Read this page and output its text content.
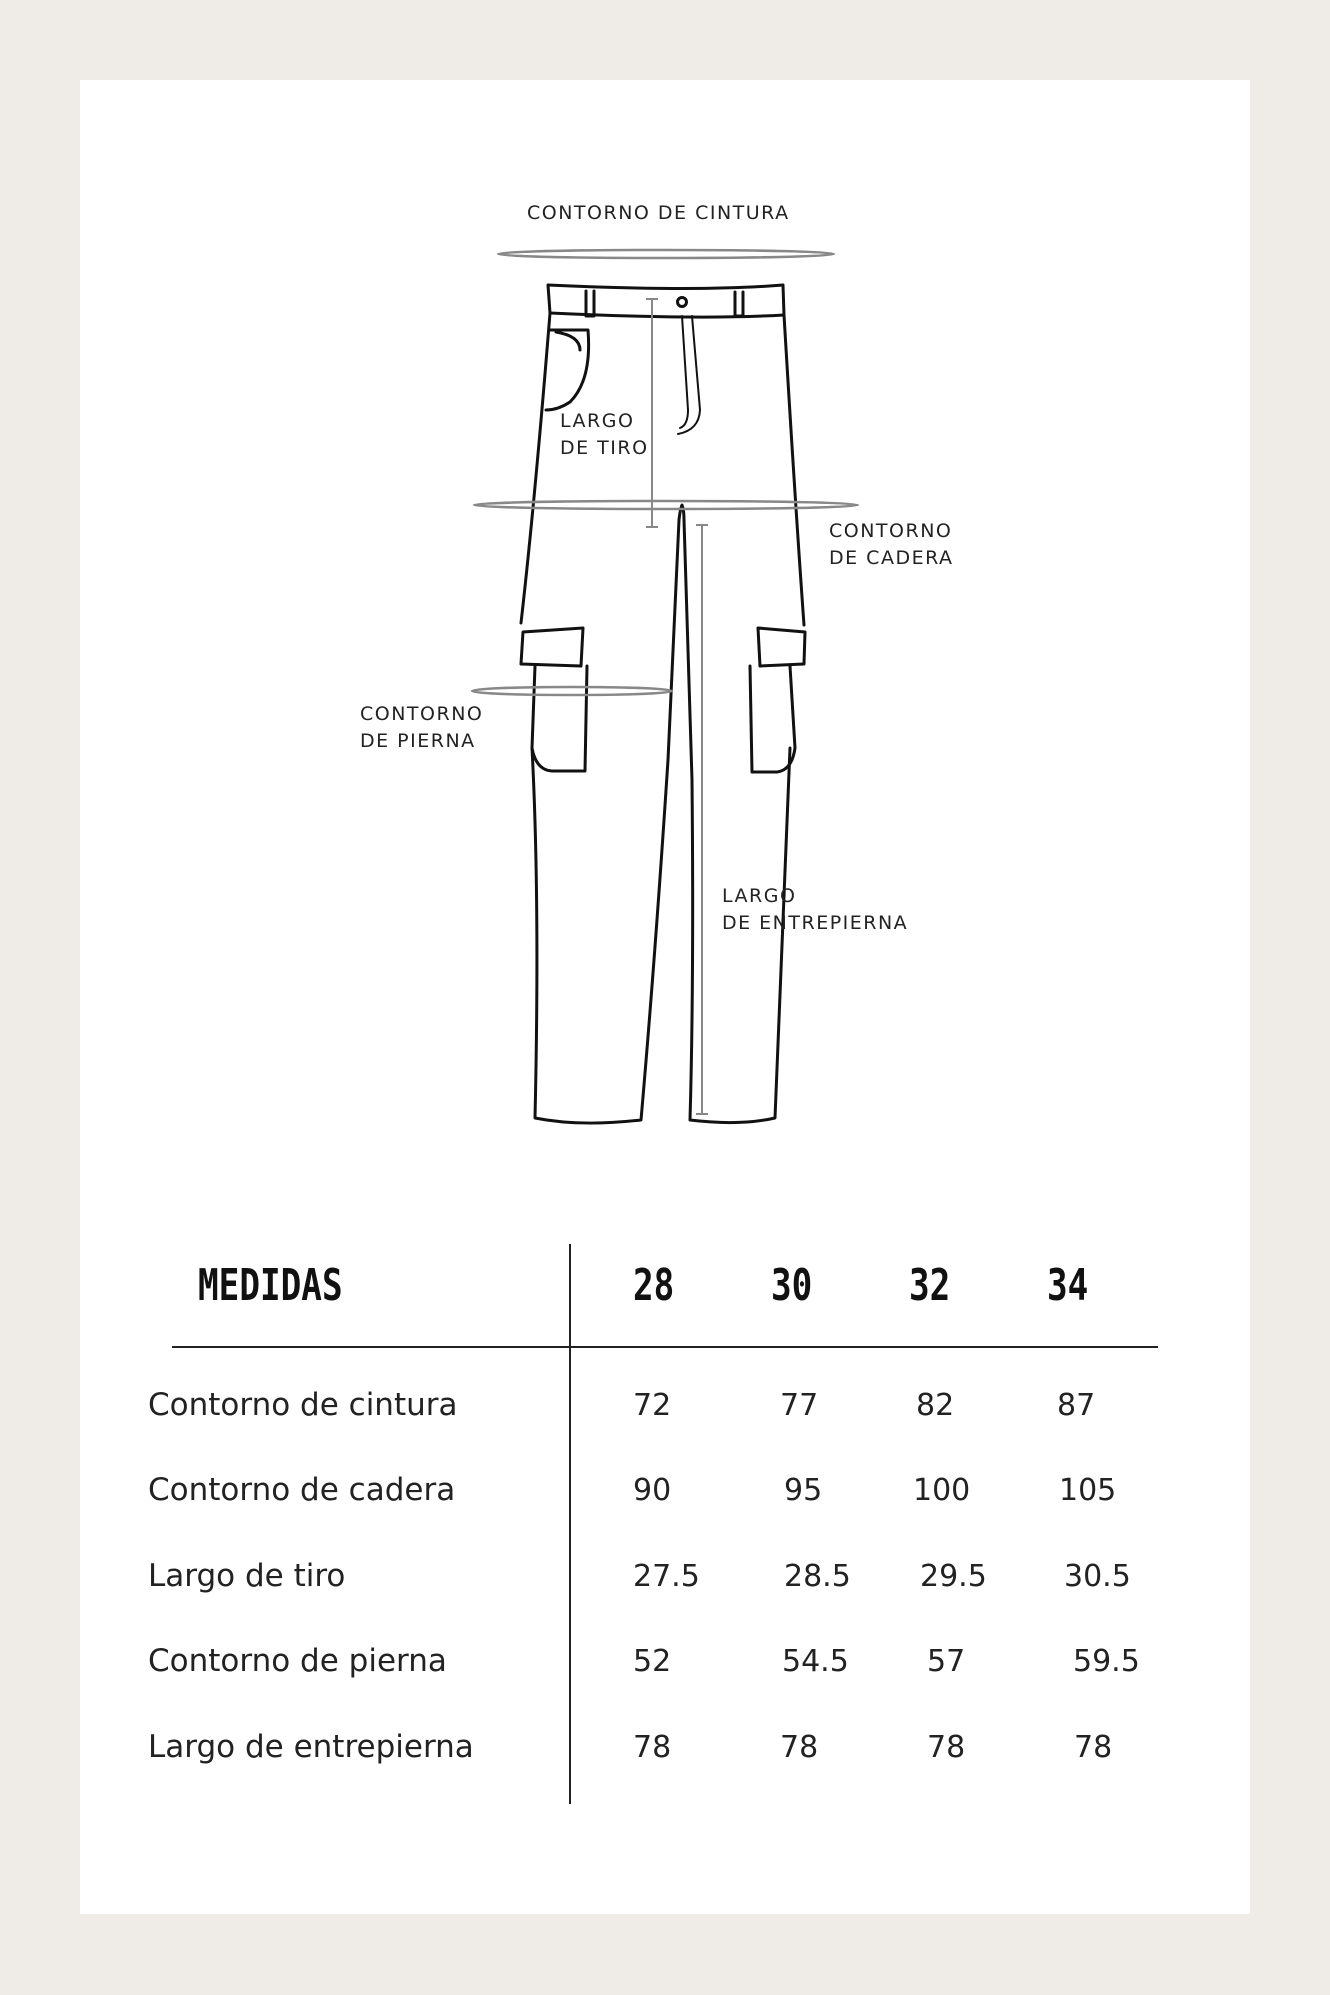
CONTORNO DE CINTURA
LARGO
DE TIRO
CONTORNO
DE CADERA
CONTORNO
DE PIERNA
LARGO
DE ENTREPIERNA
MEDIDAS	28 30 32 34
Contorno de cintura	72	77	82	87
Contorno de cadera	90	95	100	105
Largo de tiro	27.5	28.5 29.5	30.5
Contorno de pierna	52	54.5	57	59.5
Largo de entrepierna	78	78	78	78
